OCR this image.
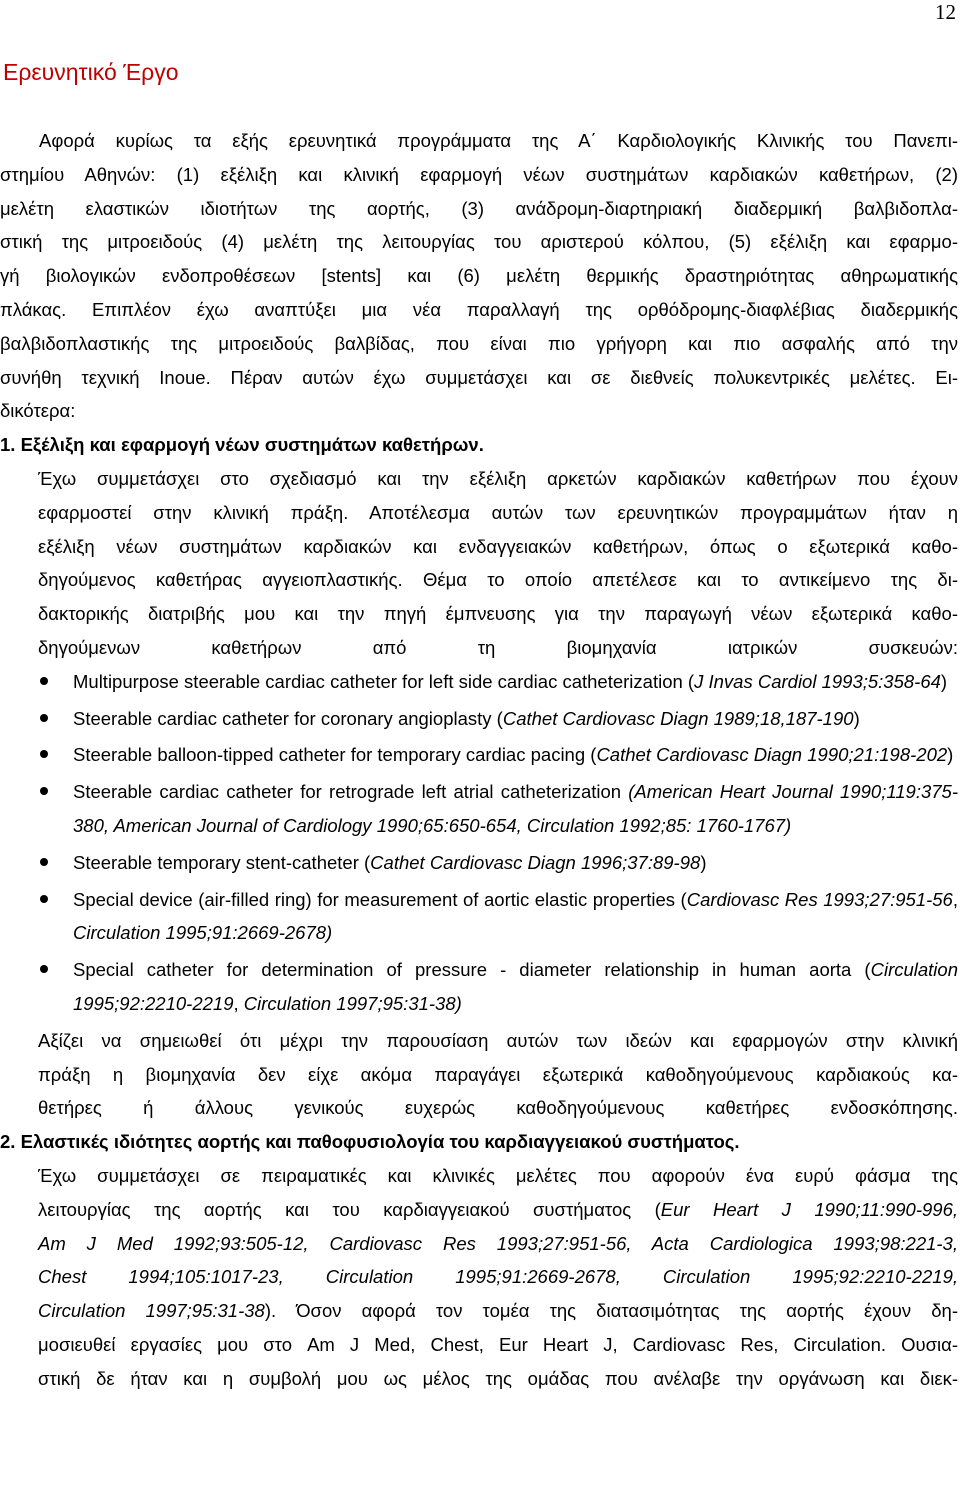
12
Ερευνητικό Έργο
Αφορά κυρίως τα εξής ερευνητικά προγράμματα της Α΄ Καρδιολογικής Κλινικής του Πανεπι-
στημίου Αθηνών: (1) εξέλιξη και κλινική εφαρμογή νέων συστημάτων καρδιακών καθετήρων, (2)
μελέτη ελαστικών ιδιοτήτων της αορτής, (3) ανάδρομη-διαρτηριακή διαδερμική βαλβιδοπλα-
στική της μιτροειδούς (4) μελέτη της λειτουργίας του αριστερού κόλπου, (5) εξέλιξη και εφαρμο-
γή βιολογικών ενδοπροθέσεων [stents] και (6) μελέτη θερμικής δραστηριότητας αθηρωματικής
πλάκας. Επιπλέον έχω αναπτύξει μια νέα παραλλαγή της ορθόδρομης-διαφλέβιας διαδερμικής
βαλβιδοπλαστικής της μιτροειδούς βαλβίδας, που είναι πιο γρήγορη και πιο ασφαλής από την
συνήθη τεχνική Inoue. Πέραν αυτών έχω συμμετάσχει και σε διεθνείς πολυκεντρικές μελέτες. Ει-
δικότερα:
1. Εξέλιξη και εφαρμογή νέων συστημάτων καθετήρων.
Έχω συμμετάσχει στο σχεδιασμό και την εξέλιξη αρκετών καρδιακών καθετήρων που έχουν
εφαρμοστεί στην κλινική πράξη. Αποτέλεσμα αυτών των ερευνητικών προγραμμάτων ήταν η
εξέλιξη νέων συστημάτων καρδιακών και ενδαγγειακών καθετήρων, όπως ο εξωτερικά καθο-
δηγούμενος καθετήρας αγγειοπλαστικής. Θέμα το οποίο απετέλεσε και το αντικείμενο της δι-
δακτορικής διατριβής μου και την πηγή έμπνευσης για την παραγωγή νέων εξωτερικά καθο-
δηγούμενων καθετήρων από τη βιομηχανία ιατρικών συσκευών:
Multipurpose steerable cardiac catheter for left side cardiac catheterization (J Invas Cardiol 1993;5:358-64)
Steerable cardiac catheter for coronary angioplasty (Cathet Cardiovasc Diagn 1989;18,187-190)
Steerable balloon-tipped catheter for temporary cardiac pacing (Cathet Cardiovasc Diagn 1990;21:198-202)
Steerable cardiac catheter for retrograde left atrial catheterization (American Heart Journal 1990;119:375-380, American Journal of Cardiology 1990;65:650-654, Circulation 1992;85: 1760-1767)
Steerable temporary stent-catheter (Cathet Cardiovasc Diagn 1996;37:89-98)
Special device (air-filled ring) for measurement of aortic elastic properties (Cardiovasc Res 1993;27:951-56, Circulation 1995;91:2669-2678)
Special catheter for determination of pressure - diameter relationship in human aorta (Circulation 1995;92:2210-2219, Circulation 1997;95:31-38)
Αξίζει να σημειωθεί ότι μέχρι την παρουσίαση αυτών των ιδεών και εφαρμογών στην κλινική
πράξη η βιομηχανία δεν είχε ακόμα παραγάγει εξωτερικά καθοδηγούμενους καρδιακούς κα-
θετήρες ή άλλους γενικούς ευχερώς καθοδηγούμενους καθετήρες ενδοσκόπησης.
2. Ελαστικές ιδιότητες αορτής και παθοφυσιολογία του καρδιαγγειακού συστήματος.
Έχω συμμετάσχει σε πειραματικές και κλινικές μελέτες που αφορούν ένα ευρύ φάσμα της
λειτουργίας της αορτής και του καρδιαγγειακού συστήματος (Eur Heart J 1990;11:990-996,
Am J Med 1992;93:505-12, Cardiovasc Res 1993;27:951-56, Acta Cardiologica 1993;98:221-3,
Chest 1994;105:1017-23, Circulation 1995;91:2669-2678, Circulation 1995;92:2210-2219,
Circulation 1997;95:31-38). Όσον αφορά τον τομέα της διατασιμότητας της αορτής έχουν δη-
μοσιευθεί εργασίες μου στο Am J Med, Chest, Eur Heart J, Cardiovasc Res, Circulation. Ουσια-
στική δε ήταν και η συμβολή μου ως μέλος της ομάδας που ανέλαβε την οργάνωση και διεκ-
